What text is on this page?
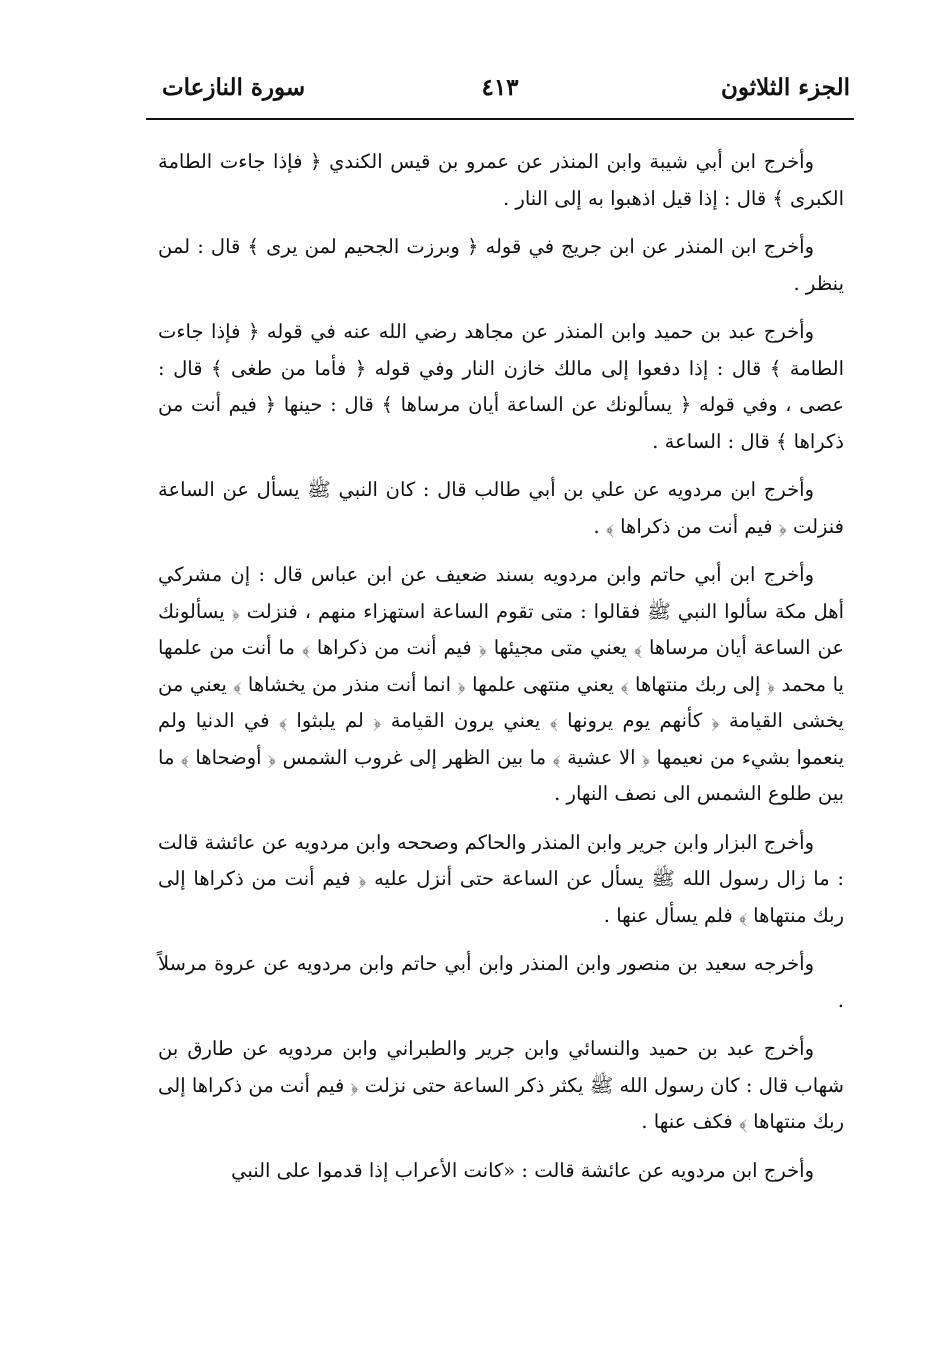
الجزء الثلاثون
٤١٣
سورة النازعات

وأخرج ابن أبي شيبة وابن المنذر عن عمرو بن قيس الكندي ﴿ فإذا جاءت الطامة الكبرى ﴾ قال : إذا قيل اذهبوا به إلى النار .

وأخرج ابن المنذر عن ابن جريج في قوله ﴿ وبرزت الجحيم لمن يرى ﴾ قال : لمن ينظر .

وأخرج عبد بن حميد وابن المنذر عن مجاهد رضي الله عنه في قوله ﴿ فإذا جاءت الطامة ﴾ قال : إذا دفعوا إلى مالك خازن النار وفي قوله ﴿ فأما من طغى ﴾ قال : عصى ، وفي قوله ﴿ يسألونك عن الساعة أيان مرساها ﴾ قال : حينها ﴿ فيم أنت من ذكراها ﴾ قال : الساعة .

وأخرج ابن مردويه عن علي بن أبي طالب قال : كان النبي ﷺ يسأل عن الساعة فنزلت ﴿ فيم أنت من ذكراها ﴾ .

وأخرج ابن أبي حاتم وابن مردويه بسند ضعيف عن ابن عباس قال : إن مشركي أهل مكة سألوا النبي ﷺ فقالوا : متى تقوم الساعة استهزاء منهم ، فنزلت ﴿ يسألونك عن الساعة أيان مرساها ﴾ يعني متى مجيئها ﴿ فيم أنت من ذكراها ﴾ ما أنت من علمها يا محمد ﴿ إلى ربك منتهاها ﴾ يعني منتهى علمها ﴿ انما أنت منذر من يخشاها ﴾ يعني من يخشى القيامة ﴿ كأنهم يوم يرونها ﴾ يعني يرون القيامة ﴿ لم يلبثوا ﴾ في الدنيا ولم ينعموا بشيء من نعيمها ﴿ الا عشية ﴾ ما بين الظهر إلى غروب الشمس ﴿ أوضحاها ﴾ ما بين طلوع الشمس الى نصف النهار .

وأخرج البزار وابن جرير وابن المنذر والحاكم وصححه وابن مردويه عن عائشة قالت : ما زال رسول الله ﷺ يسأل عن الساعة حتى أنزل عليه ﴿ فيم أنت من ذكراها إلى ربك منتهاها ﴾ فلم يسأل عنها .

وأخرجه سعيد بن منصور وابن المنذر وابن أبي حاتم وابن مردويه عن عروة مرسلاً .

وأخرج عبد بن حميد والنسائي وابن جرير والطبراني وابن مردويه عن طارق بن شهاب قال : كان رسول الله ﷺ يكثر ذكر الساعة حتى نزلت ﴿ فيم أنت من ذكراها إلى ربك منتهاها ﴾ فكف عنها .

وأخرج ابن مردويه عن عائشة قالت : «كانت الأعراب إذا قدموا على النبي
